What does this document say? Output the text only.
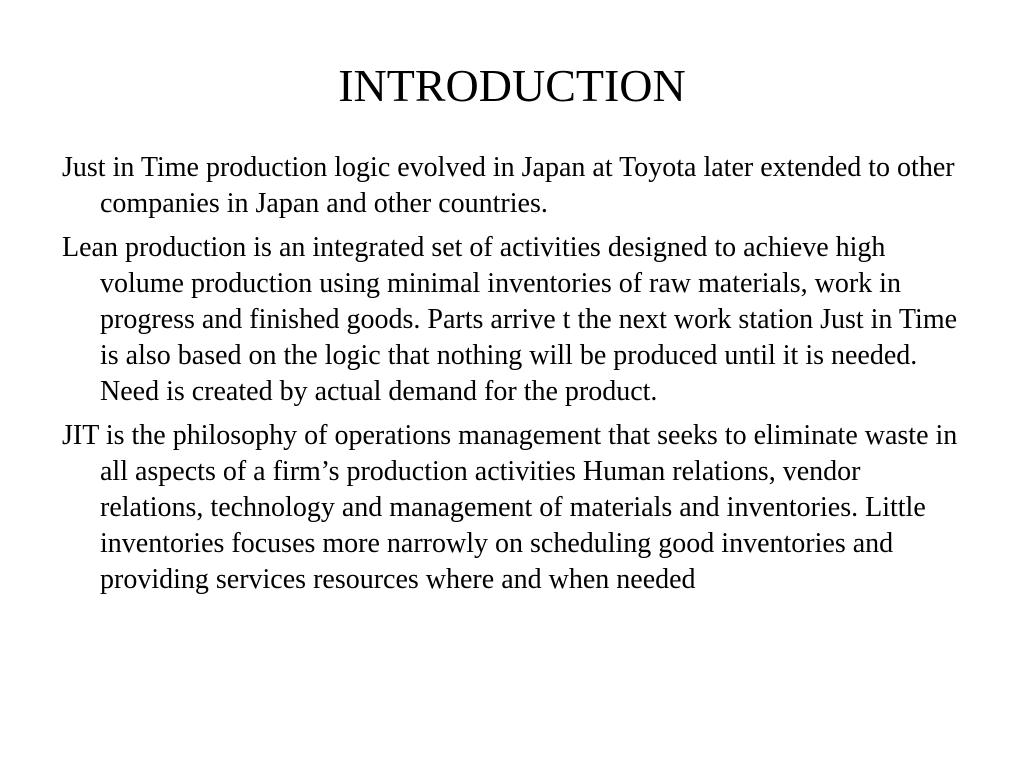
INTRODUCTION

Just in Time production logic evolved in Japan at Toyota later extended to other companies in Japan and other countries.

Lean production is an integrated set of activities designed to achieve high volume production using minimal inventories of raw materials, work in progress and finished goods. Parts arrive t the next work station Just in Time is also based on the logic that nothing will be produced until it is needed. Need is created by actual demand for the product.

JIT is the philosophy of operations management that seeks to eliminate waste in all aspects of a firm’s production activities Human relations, vendor relations, technology and management of materials and inventories. Little inventories focuses more narrowly on scheduling good inventories and providing services resources where and when needed
